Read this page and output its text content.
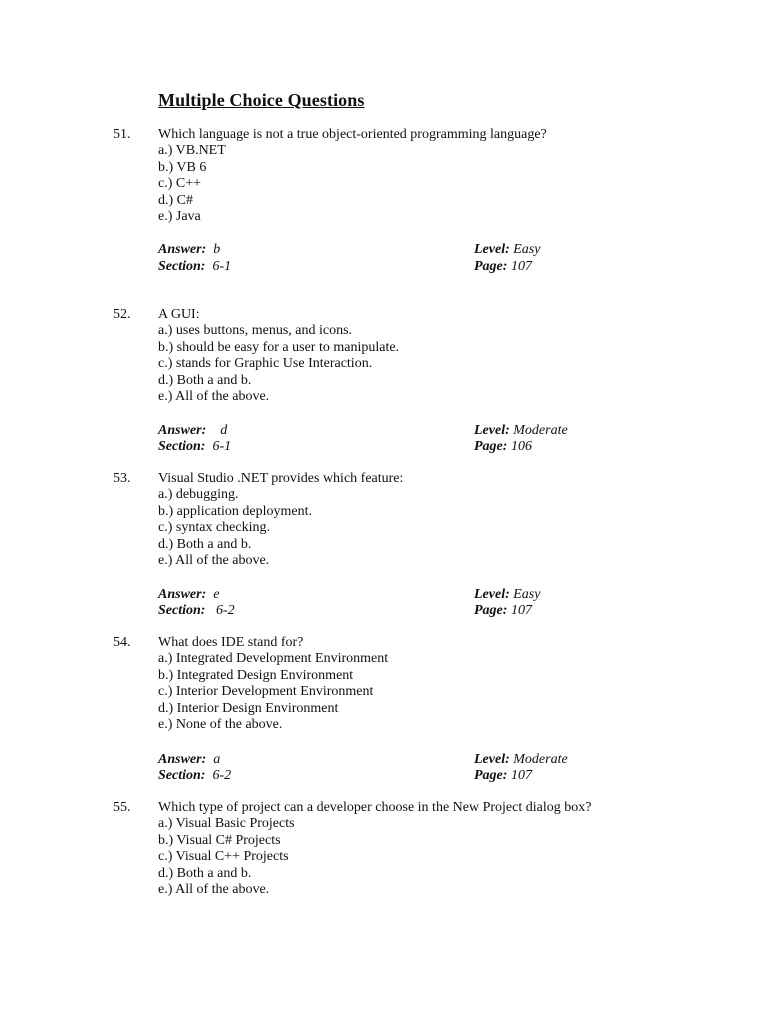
Multiple Choice Questions
51. Which language is not a true object-oriented programming language?
a.) VB.NET
b.) VB 6
c.) C++
d.) C#
e.) Java
Answer: b
Section: 6-1
Level: Easy
Page: 107
52. A GUI:
a.) uses buttons, menus, and icons.
b.) should be easy for a user to manipulate.
c.) stands for Graphic Use Interaction.
d.) Both a and b.
e.) All of the above.
Answer: d
Section: 6-1
Level: Moderate
Page: 106
53. Visual Studio .NET provides which feature:
a.) debugging.
b.) application deployment.
c.) syntax checking.
d.) Both a and b.
e.) All of the above.
Answer: e
Section: 6-2
Level: Easy
Page: 107
54. What does IDE stand for?
a.) Integrated Development Environment
b.) Integrated Design Environment
c.) Interior Development Environment
d.) Interior Design Environment
e.) None of the above.
Answer: a
Section: 6-2
Level: Moderate
Page: 107
55. Which type of project can a developer choose in the New Project dialog box?
a.) Visual Basic Projects
b.) Visual C# Projects
c.) Visual C++ Projects
d.) Both a and b.
e.) All of the above.
